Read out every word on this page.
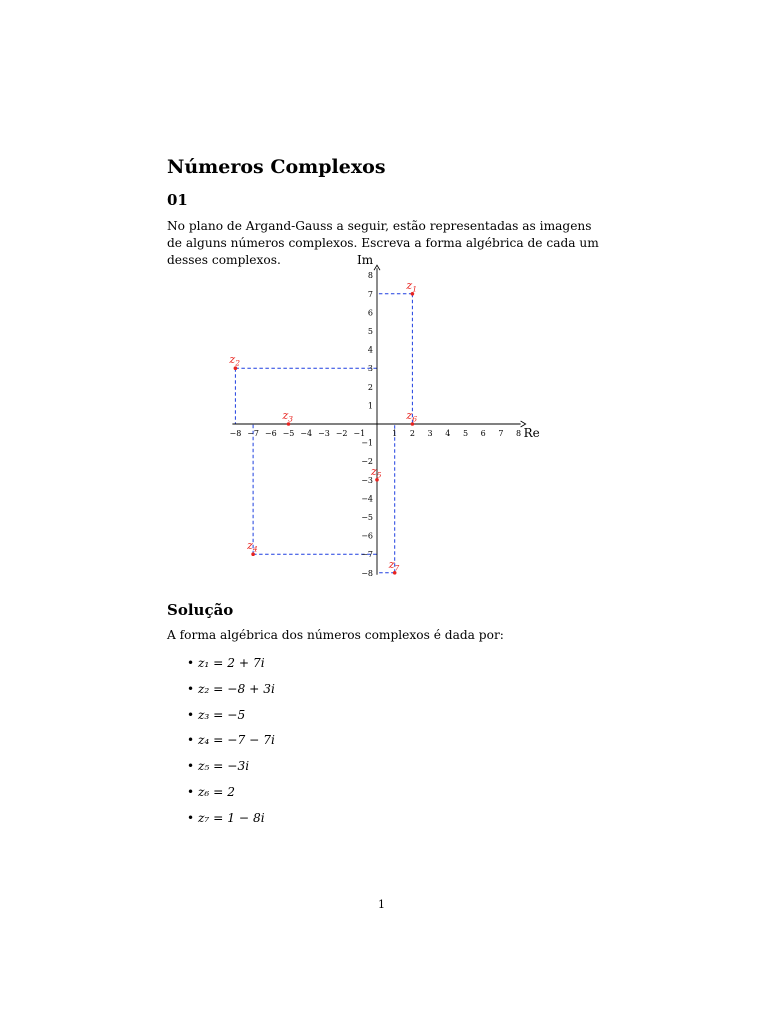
Números Complexos
01
No plano de Argand-Gauss a seguir, estão representadas as imagens de alguns números complexos. Escreva a forma algébrica de cada um desses complexos.
Re
Im
−8 −7 −6 −5 −4 −3 −2 −1	1 2 3 4 5 6 7 8
8
7
6
5
4
3
2
1
−1
−2
−3
−4
−5
−6
−7
−8
$z_1$
$z_2$
$z_3$
$z_4$
$z_5$
$z_6$
$z_7$
Solução
A forma algébrica dos números complexos é dada por:
• z₁ = 2 + 7i
• z₂ = −8 + 3i
• z₃ = −5
• z₄ = −7 − 7i
• z₅ = −3i
• z₆ = 2
• z₇ = 1 − 8i
1
